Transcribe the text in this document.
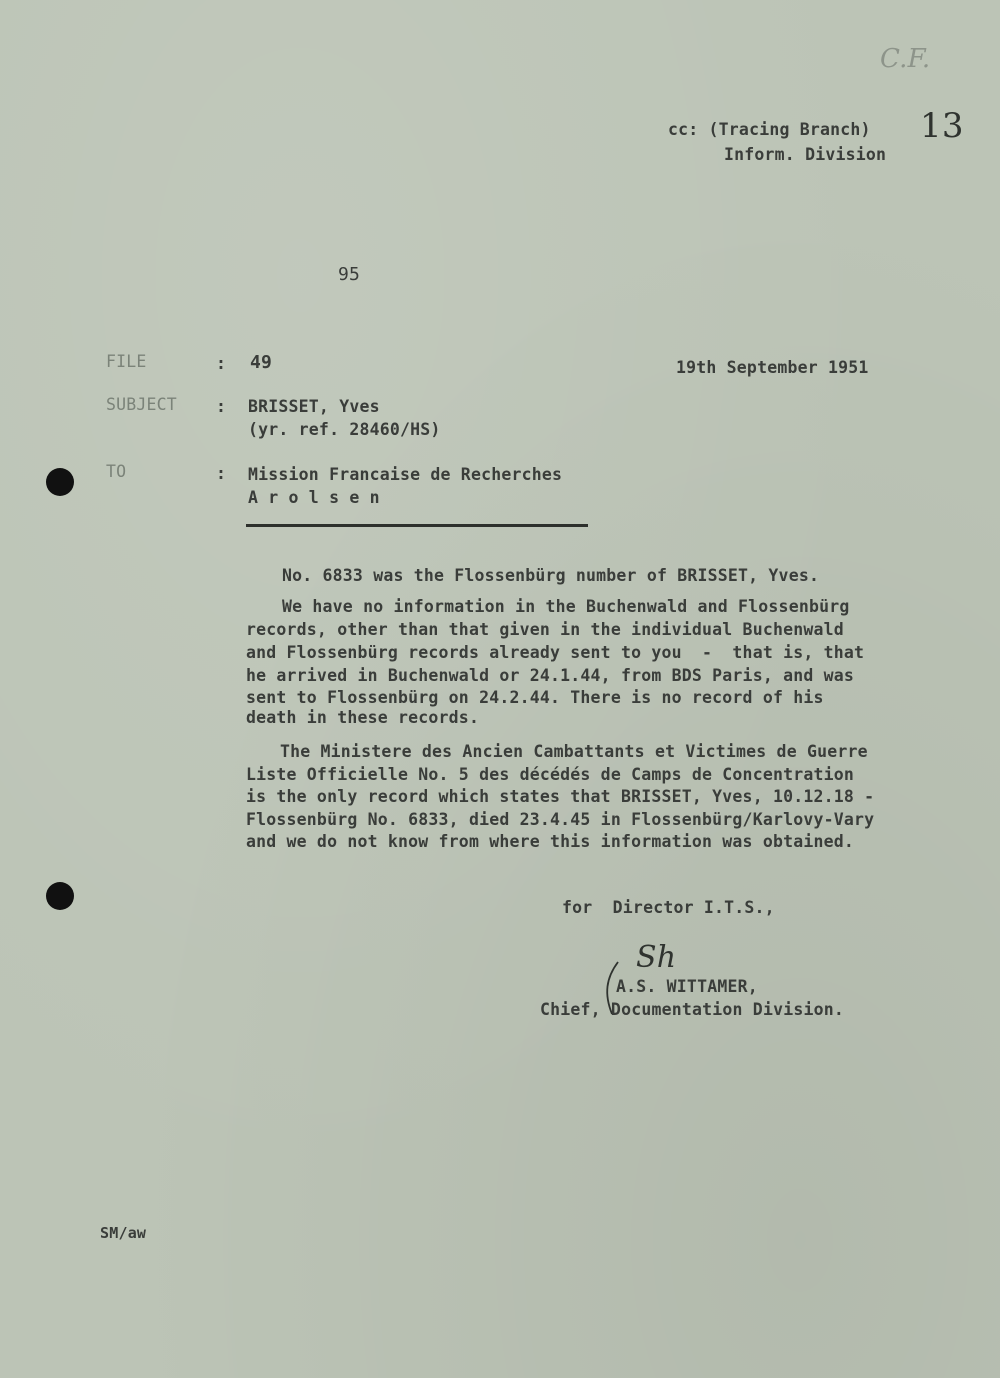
C.F.
13
cc: (Tracing Branch)
Inform. Division
95
FILE	: 49	19th September 1951
SUBJECT : BRISSET, Yves
(yr. ref. 28460/HS)
TO	: Mission Francaise de Recherches
A r o l s e n
No. 6833 was the Flossenbürg number of BRISSET, Yves.
We have no information in the Buchenwald and Flossenbürg
records, other than that given in the individual Buchenwald
and Flossenbürg records already sent to you  -  that is, that
he arrived in Buchenwald or 24.1.44, from BDS Paris, and was
sent to Flossenbürg on 24.2.44. There is no record of his
death in these records.
The Ministere des Ancien Cambattants et Victimes de Guerre
Liste Officielle No. 5 des décédés de Camps de Concentration
is the only record which states that BRISSET, Yves, 10.12.18 -
Flossenbürg No. 6833, died 23.4.45 in Flossenbürg/Karlovy-Vary
and we do not know from where this information was obtained.
for  Director I.T.S.,
Sh
A.S. WITTAMER,
Chief, Documentation Division.
SM/aw
